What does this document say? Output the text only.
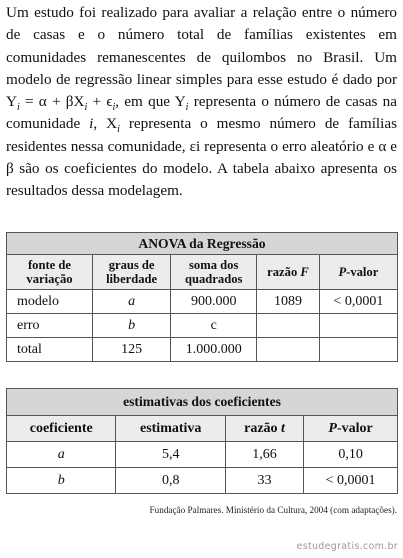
Um estudo foi realizado para avaliar a relação entre o número de casas e o número total de famílias existentes em comunidades remanescentes de quilombos no Brasil. Um modelo de regressão linear simples para esse estudo é dado por $Y_i = \alpha + \beta X_i + \epsilon_i$, em que $Y_i$ representa o número de casas na comunidade i, $X_i$ representa o mesmo número de famílias residentes nessa comunidade, εi representa o erro aleatório e α e β são os coeficientes do modelo. A tabela abaixo apresenta os resultados dessa modelagem.
ANOVA da Regressão				
fonte de variação	graus de liberdade	soma dos quadrados	razão F	P-valor
modelo	a	900.000	1089	< 0,0001
erro	b	c		
total	125	1.000.000		
estimativas dos coeficientes			
coeficiente	estimativa	razão t	P-valor
a	5,4	1,66	0,10
b	0,8	33	< 0,0001
Fundação Palmares. Ministério da Cultura, 2004 (com adaptações).
estudegratis.com.br
